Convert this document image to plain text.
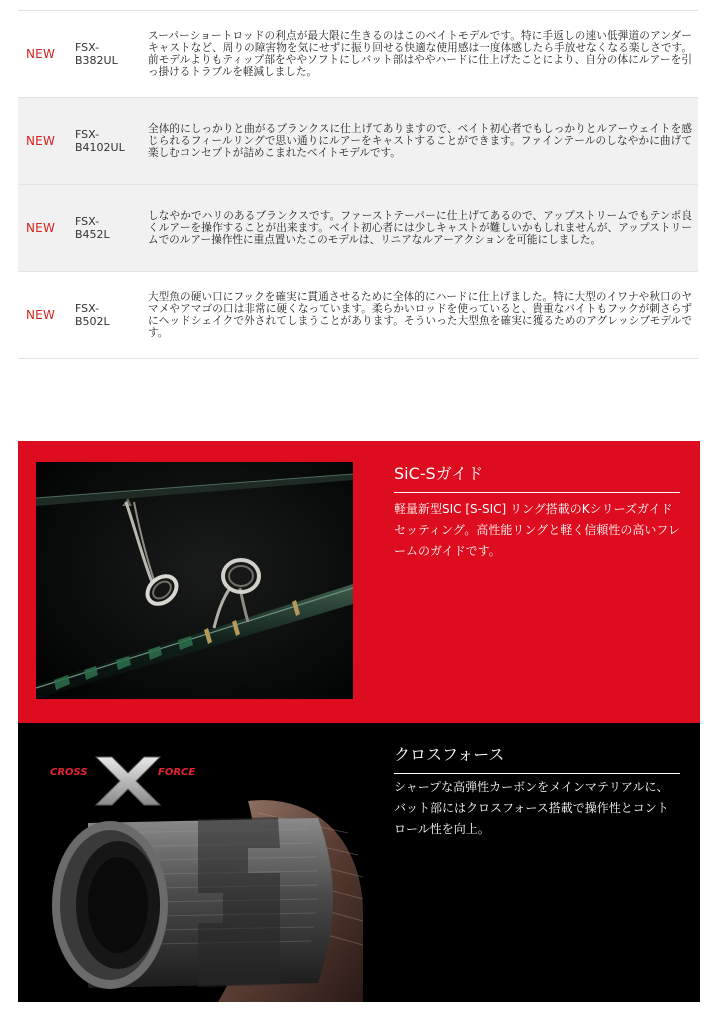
NEW FSX-
B382UL
スーパーショートロッドの利点が最大限に生きるのはこのベイトモデルです。特に手返しの速い低弾道のアンダーキャストなど、周りの障害物を気にせずに振り回せる快適な使用感は一度体感したら手放せなくなる楽しさです。前モデルよりもティップ部をややソフトにしバット部はややハードに仕上げたことにより、自分の体にルアーを引っ掛けるトラブルを軽減しました。
NEW FSX-
B4102UL
全体的にしっかりと曲がるブランクスに仕上げてありますので、ベイト初心者でもしっかりとルアーウェイトを感じられるフィールリングで思い通りにルアーをキャストすることができます。ファインテールのしなやかに曲げて楽しむコンセプトが詰めこまれたベイトモデルです。
NEW FSX-
B452L
しなやかでハリのあるブランクスです。ファーストテーパーに仕上げてあるので、アップストリームでもテンポ良くルアーを操作することが出来ます。ベイト初心者には少しキャストが難しいかもしれませんが、アップストリームでのルアー操作性に重点置いたこのモデルは、リニアなルアーアクションを可能にしました。
NEW FSX-
B502L
大型魚の硬い口にフックを確実に貫通させるために全体的にハードに仕上げました。特に大型のイワナや秋口のヤマメやアマゴの口は非常に硬くなっています。柔らかいロッドを使っていると、貴重なバイトもフックが刺さらずにヘッドシェイクで外されてしまうことがあります。そういった大型魚を確実に獲るためのアグレッシブモデルです。
SiC-Sガイド
軽量新型SIC [S-SIC] リング搭載のKシリーズガイドセッティング。高性能リングと軽く信頼性の高いフレームのガイドです。
CROSS	FORCE
クロスフォース
シャープな高弾性カーボンをメインマテリアルに、バット部にはクロスフォース搭載で操作性とコントロール性を向上。
